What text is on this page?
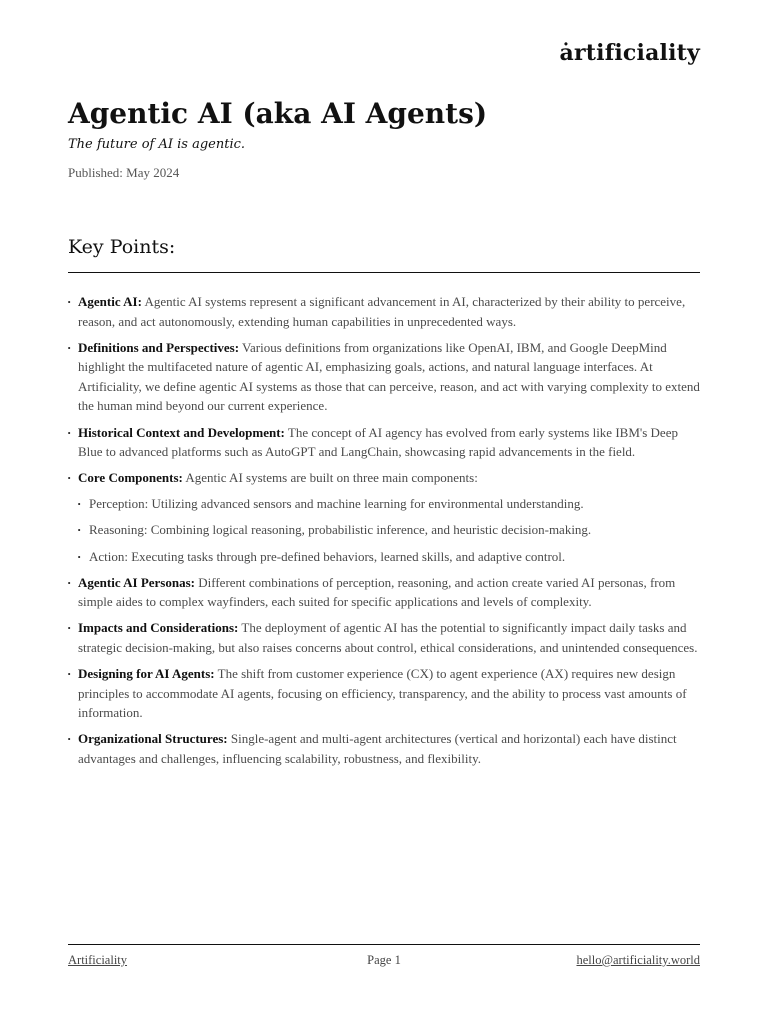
ȧrtificiality
Agentic AI (aka AI Agents)
The future of AI is agentic.
Published: May 2024
Key Points:
· Agentic AI: Agentic AI systems represent a significant advancement in AI, characterized by their ability to perceive, reason, and act autonomously, extending human capabilities in unprecedented ways.
· Definitions and Perspectives: Various definitions from organizations like OpenAI, IBM, and Google DeepMind highlight the multifaceted nature of agentic AI, emphasizing goals, actions, and natural language interfaces. At Artificiality, we define agentic AI systems as those that can perceive, reason, and act with varying complexity to extend the human mind beyond our current experience.
· Historical Context and Development: The concept of AI agency has evolved from early systems like IBM's Deep Blue to advanced platforms such as AutoGPT and LangChain, showcasing rapid advancements in the field.
· Core Components: Agentic AI systems are built on three main components:
· Perception: Utilizing advanced sensors and machine learning for environmental understanding.
· Reasoning: Combining logical reasoning, probabilistic inference, and heuristic decision-making.
· Action: Executing tasks through pre-defined behaviors, learned skills, and adaptive control.
· Agentic AI Personas: Different combinations of perception, reasoning, and action create varied AI personas, from simple aides to complex wayfinders, each suited for specific applications and levels of complexity.
· Impacts and Considerations: The deployment of agentic AI has the potential to significantly impact daily tasks and strategic decision-making, but also raises concerns about control, ethical considerations, and unintended consequences.
· Designing for AI Agents: The shift from customer experience (CX) to agent experience (AX) requires new design principles to accommodate AI agents, focusing on efficiency, transparency, and the ability to process vast amounts of information.
· Organizational Structures: Single-agent and multi-agent architectures (vertical and horizontal) each have distinct advantages and challenges, influencing scalability, robustness, and flexibility.
Artificiality	Page 1	hello@artificiality.world
